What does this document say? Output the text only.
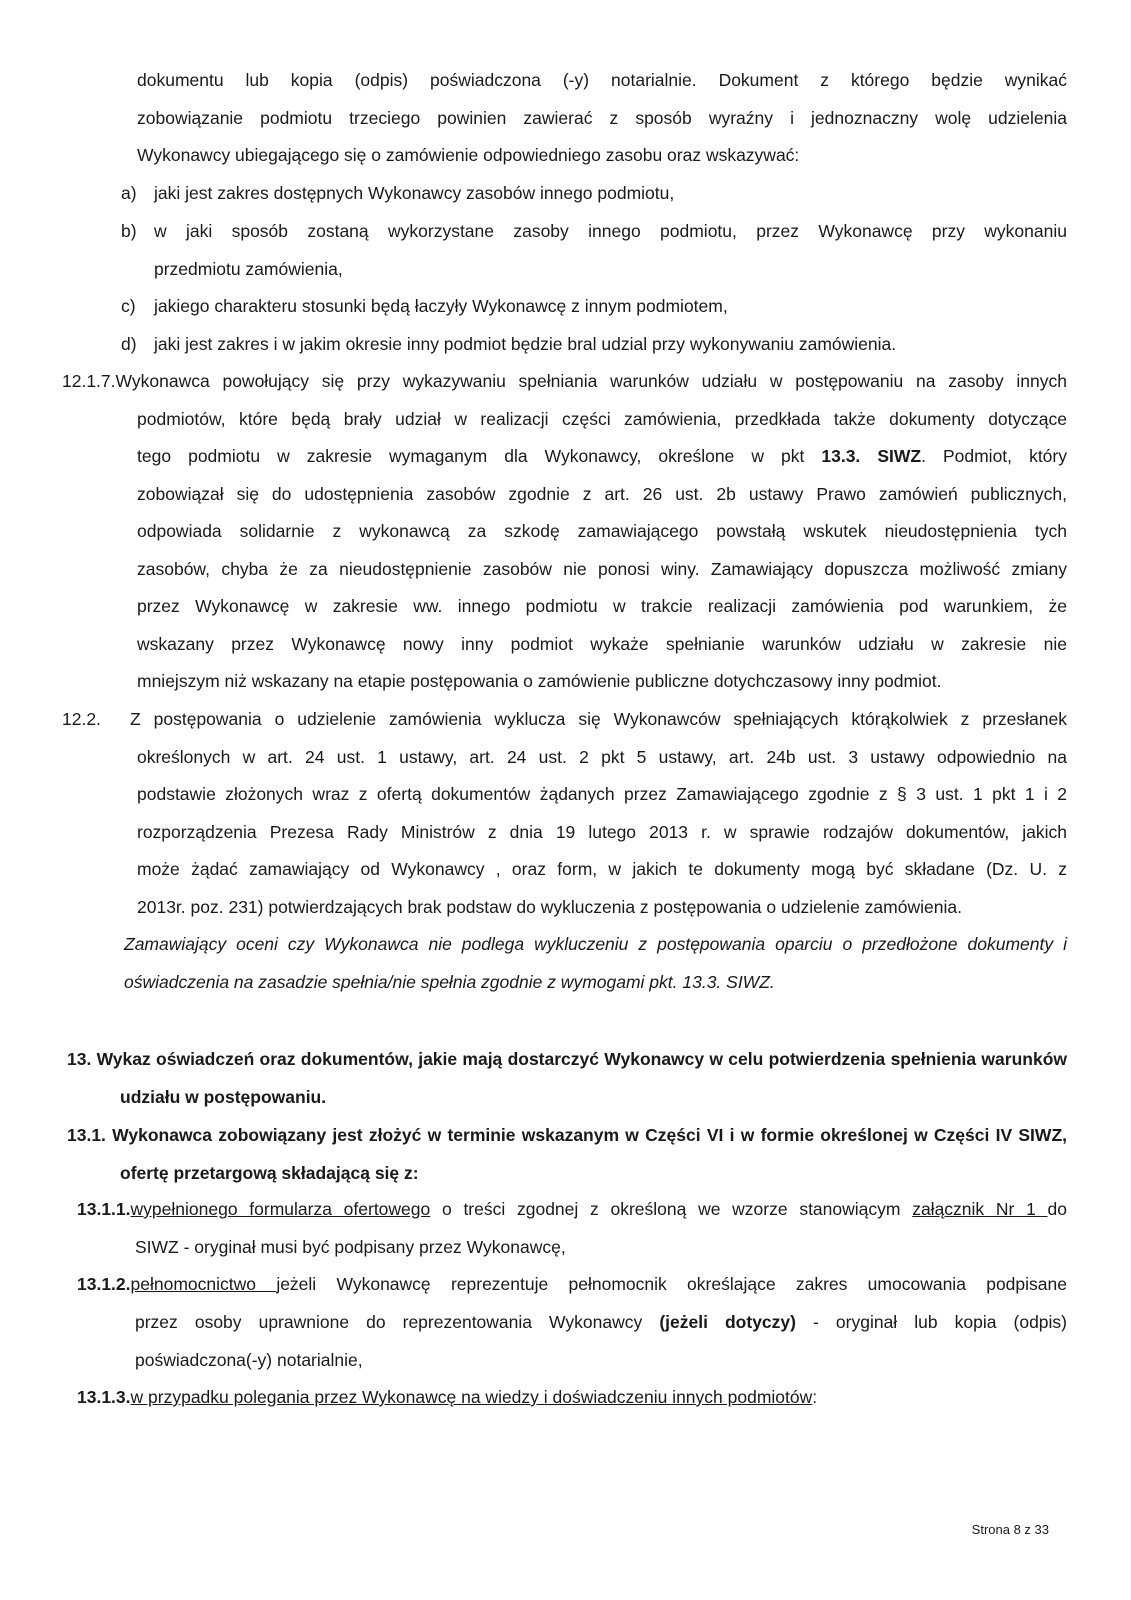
dokumentu lub kopia (odpis) poświadczona (-y) notarialnie. Dokument z którego będzie wynikać
zobowiązanie podmiotu trzeciego powinien zawierać z sposób wyraźny i jednoznaczny wolę udzielenia
Wykonawcy ubiegającego się o zamówienie odpowiedniego zasobu oraz wskazywać:
a) jaki jest zakres dostępnych Wykonawcy zasobów innego podmiotu,
b) w jaki sposób zostaną wykorzystane zasoby innego podmiotu, przez Wykonawcę przy wykonaniu
przedmiotu zamówienia,
c) jakiego charakteru stosunki będą łaczyły Wykonawcę z innym podmiotem,
d) jaki jest zakres i w jakim okresie inny podmiot będzie bral udzial przy wykonywaniu zamówienia.
12.1.7.Wykonawca powołujący się przy wykazywaniu spełniania warunków udziału w postępowaniu na zasoby innych
podmiotów, które będą brały udział w realizacji części zamówienia, przedkłada także dokumenty dotyczące
tego podmiotu w zakresie wymaganym dla Wykonawcy, określone w pkt 13.3. SIWZ. Podmiot, który
zobowiązał się do udostępnienia zasobów zgodnie z art. 26 ust. 2b ustawy Prawo zamówień publicznych,
odpowiada solidarnie z wykonawcą za szkodę zamawiającego powstałą wskutek nieudostępnienia tych
zasobów, chyba że za nieudostępnienie zasobów nie ponosi winy. Zamawiający dopuszcza możliwość zmiany
przez Wykonawcę w zakresie ww. innego podmiotu w trakcie realizacji zamówienia pod warunkiem, że
wskazany przez Wykonawcę nowy inny podmiot wykaże spełnianie warunków udziału w zakresie nie
mniejszym niż wskazany na etapie postępowania o zamówienie publiczne dotychczasowy inny podmiot.
12.2. Z postępowania o udzielenie zamówienia wyklucza się Wykonawców spełniających którąkolwiek z przesłanek
określonych w art. 24 ust. 1 ustawy, art. 24 ust. 2 pkt 5 ustawy, art. 24b ust. 3 ustawy odpowiednio na
podstawie złożonych wraz z ofertą dokumentów żądanych przez Zamawiającego zgodnie z § 3 ust. 1 pkt 1 i 2
rozporządzenia Prezesa Rady Ministrów z dnia 19 lutego 2013 r. w sprawie rodzajów dokumentów, jakich
może żądać zamawiający od Wykonawcy , oraz form, w jakich te dokumenty mogą być składane (Dz. U. z
2013r. poz. 231) potwierdzających brak podstaw do wykluczenia z postępowania o udzielenie zamówienia.
Zamawiający oceni czy Wykonawca nie podlega wykluczeniu z postępowania oparciu o przedłożone dokumenty i
oświadczenia na zasadzie spełnia/nie spełnia zgodnie z wymogami pkt. 13.3. SIWZ.
13. Wykaz oświadczeń oraz dokumentów, jakie mają dostarczyć Wykonawcy w celu potwierdzenia spełnienia warunków
udziału w postępowaniu.
13.1. Wykonawca zobowiązany jest złożyć w terminie wskazanym w Części VI i w formie określonej w Części IV SIWZ,
ofertę przetargową składającą się z:
13.1.1.wypełnionego formularza ofertowego o treści zgodnej z określoną we wzorze stanowiącym załącznik Nr 1 do
SIWZ - oryginał musi być podpisany przez Wykonawcę,
13.1.2.pełnomocnictwo jeżeli Wykonawcę reprezentuje pełnomocnik określające zakres umocowania podpisane
przez osoby uprawnione do reprezentowania Wykonawcy (jeżeli dotyczy) - oryginał lub kopia (odpis)
poświadczona(-y) notarialnie,
13.1.3.w przypadku polegania przez Wykonawcę na wiedzy i doświadczeniu innych podmiotów:
Strona 8 z 33
